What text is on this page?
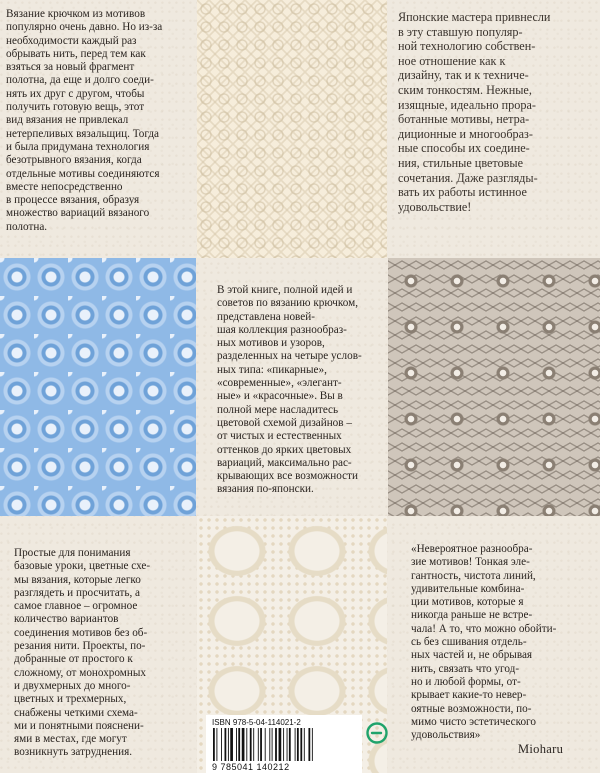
Вязание крючком из мотивов
популярно очень давно. Но из-за
необходимости каждый раз
обрывать нить, перед тем как
взяться за новый фрагмент
полотна, да еще и долго соеди-
нять их друг с другом, чтобы
получить готовую вещь, этот
вид вязания не привлекал
нетерпеливых вязальщиц. Тогда
и была придумана технология
безотрывного вязания, когда
отдельные мотивы соединяются
вместе непосредственно
в процессе вязания, образуя
множество вариаций вязаного
полотна.
Японские мастера привнесли
в эту ставшую популяр-
ной технологию собствен-
ное отношение как к
дизайну, так и к техниче-
ским тонкостям. Нежные,
изящные, идеально прора-
ботанные мотивы, нетра-
диционные и многообраз-
ные способы их соедине-
ния, стильные цветовые
сочетания. Даже разгляды-
вать их работы истинное
удовольствие!
В этой книге, полной идей и
советов по вязанию крючком,
представлена новей-
шая коллекция разнообраз-
ных мотивов и узоров,
разделенных на четыре услов-
ных типа: «пикарные»,
«современные», «элегант-
ные» и «красочные». Вы в
полной мере насладитесь
цветовой схемой дизайнов –
от чистых и естественных
оттенков до ярких цветовых
вариаций, максимально рас-
крывающих все возможности
вязания по-японски.
Простые для понимания
базовые уроки, цветные схе-
мы вязания, которые легко
разглядеть и просчитать, а
самое главное – огромное
количество вариантов
соединения мотивов без об-
резания нити. Проекты, по-
добранные от простого к
сложному, от монохромных
и двухмерных до много-
цветных и трехмерных,
снабжены четкими схема-
ми и понятными пояснени-
ями в местах, где могут
возникнуть затруднения.
«Невероятное разнообра-
зие мотивов! Тонкая эле-
гантность, чистота линий,
удивительные комбина-
ции мотивов, которые я
никогда раньше не встре-
чала! А то, что можно обойти-
сь без сшивания отдель-
ных частей и, не обрывая
нить, связать что угод-
но и любой формы, от-
крывает какие-то невер-
оятные возможности, по-
мимо чисто эстетического
удовольствия»
Mioharu
ISBN 978-5-04-114021-2
9 785041 140212
